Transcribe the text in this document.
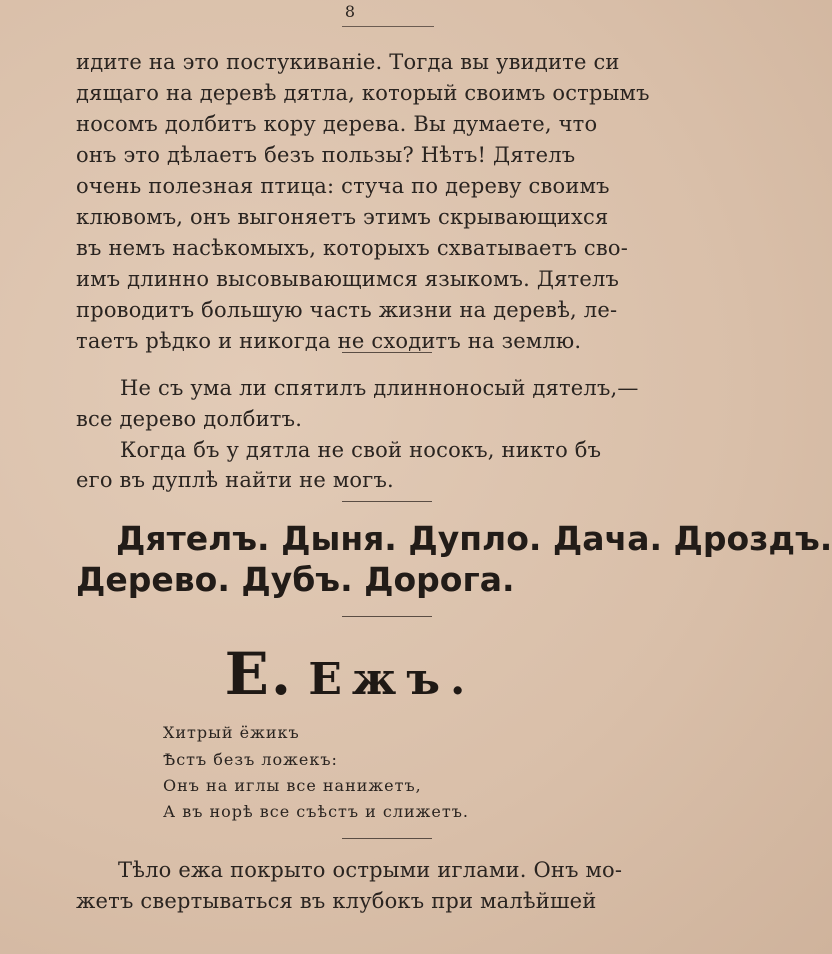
8
идите на это постукиваніе. Тогда вы увидите си
дящаго на деревѣ дятла, который своимъ острымъ
носомъ долбитъ кору дерева. Вы думаете, что
онъ это дѣлаетъ безъ пользы? Нѣтъ! Дятелъ
очень полезная птица: стуча по дереву своимъ
клювомъ, онъ выгоняетъ этимъ скрывающихся
въ немъ насѣкомыхъ, которыхъ схватываетъ сво-
имъ длинно высовывающимся языкомъ. Дятелъ
проводитъ большую часть жизни на деревѣ, ле-
таетъ рѣдко и никогда не сходитъ на землю.
Не съ ума ли спятилъ длинноносый дятелъ,—
все дерево долбитъ.
Когда бъ у дятла не свой носокъ, никто бъ
его въ дуплѣ найти не могъ.
Дятелъ. Дыня. Дупло. Дача. Дроздъ.
Дерево. Дубъ. Дорога.
Е. Ежъ.
Хитрый ёжикъ
Ѣстъ безъ ложекъ:
Онъ на иглы все нанижетъ,
А въ норѣ все съѣстъ и слижетъ.
Тѣло ежа покрыто острыми иглами. Онъ мо-
жетъ свертываться въ клубокъ при малѣйшей
